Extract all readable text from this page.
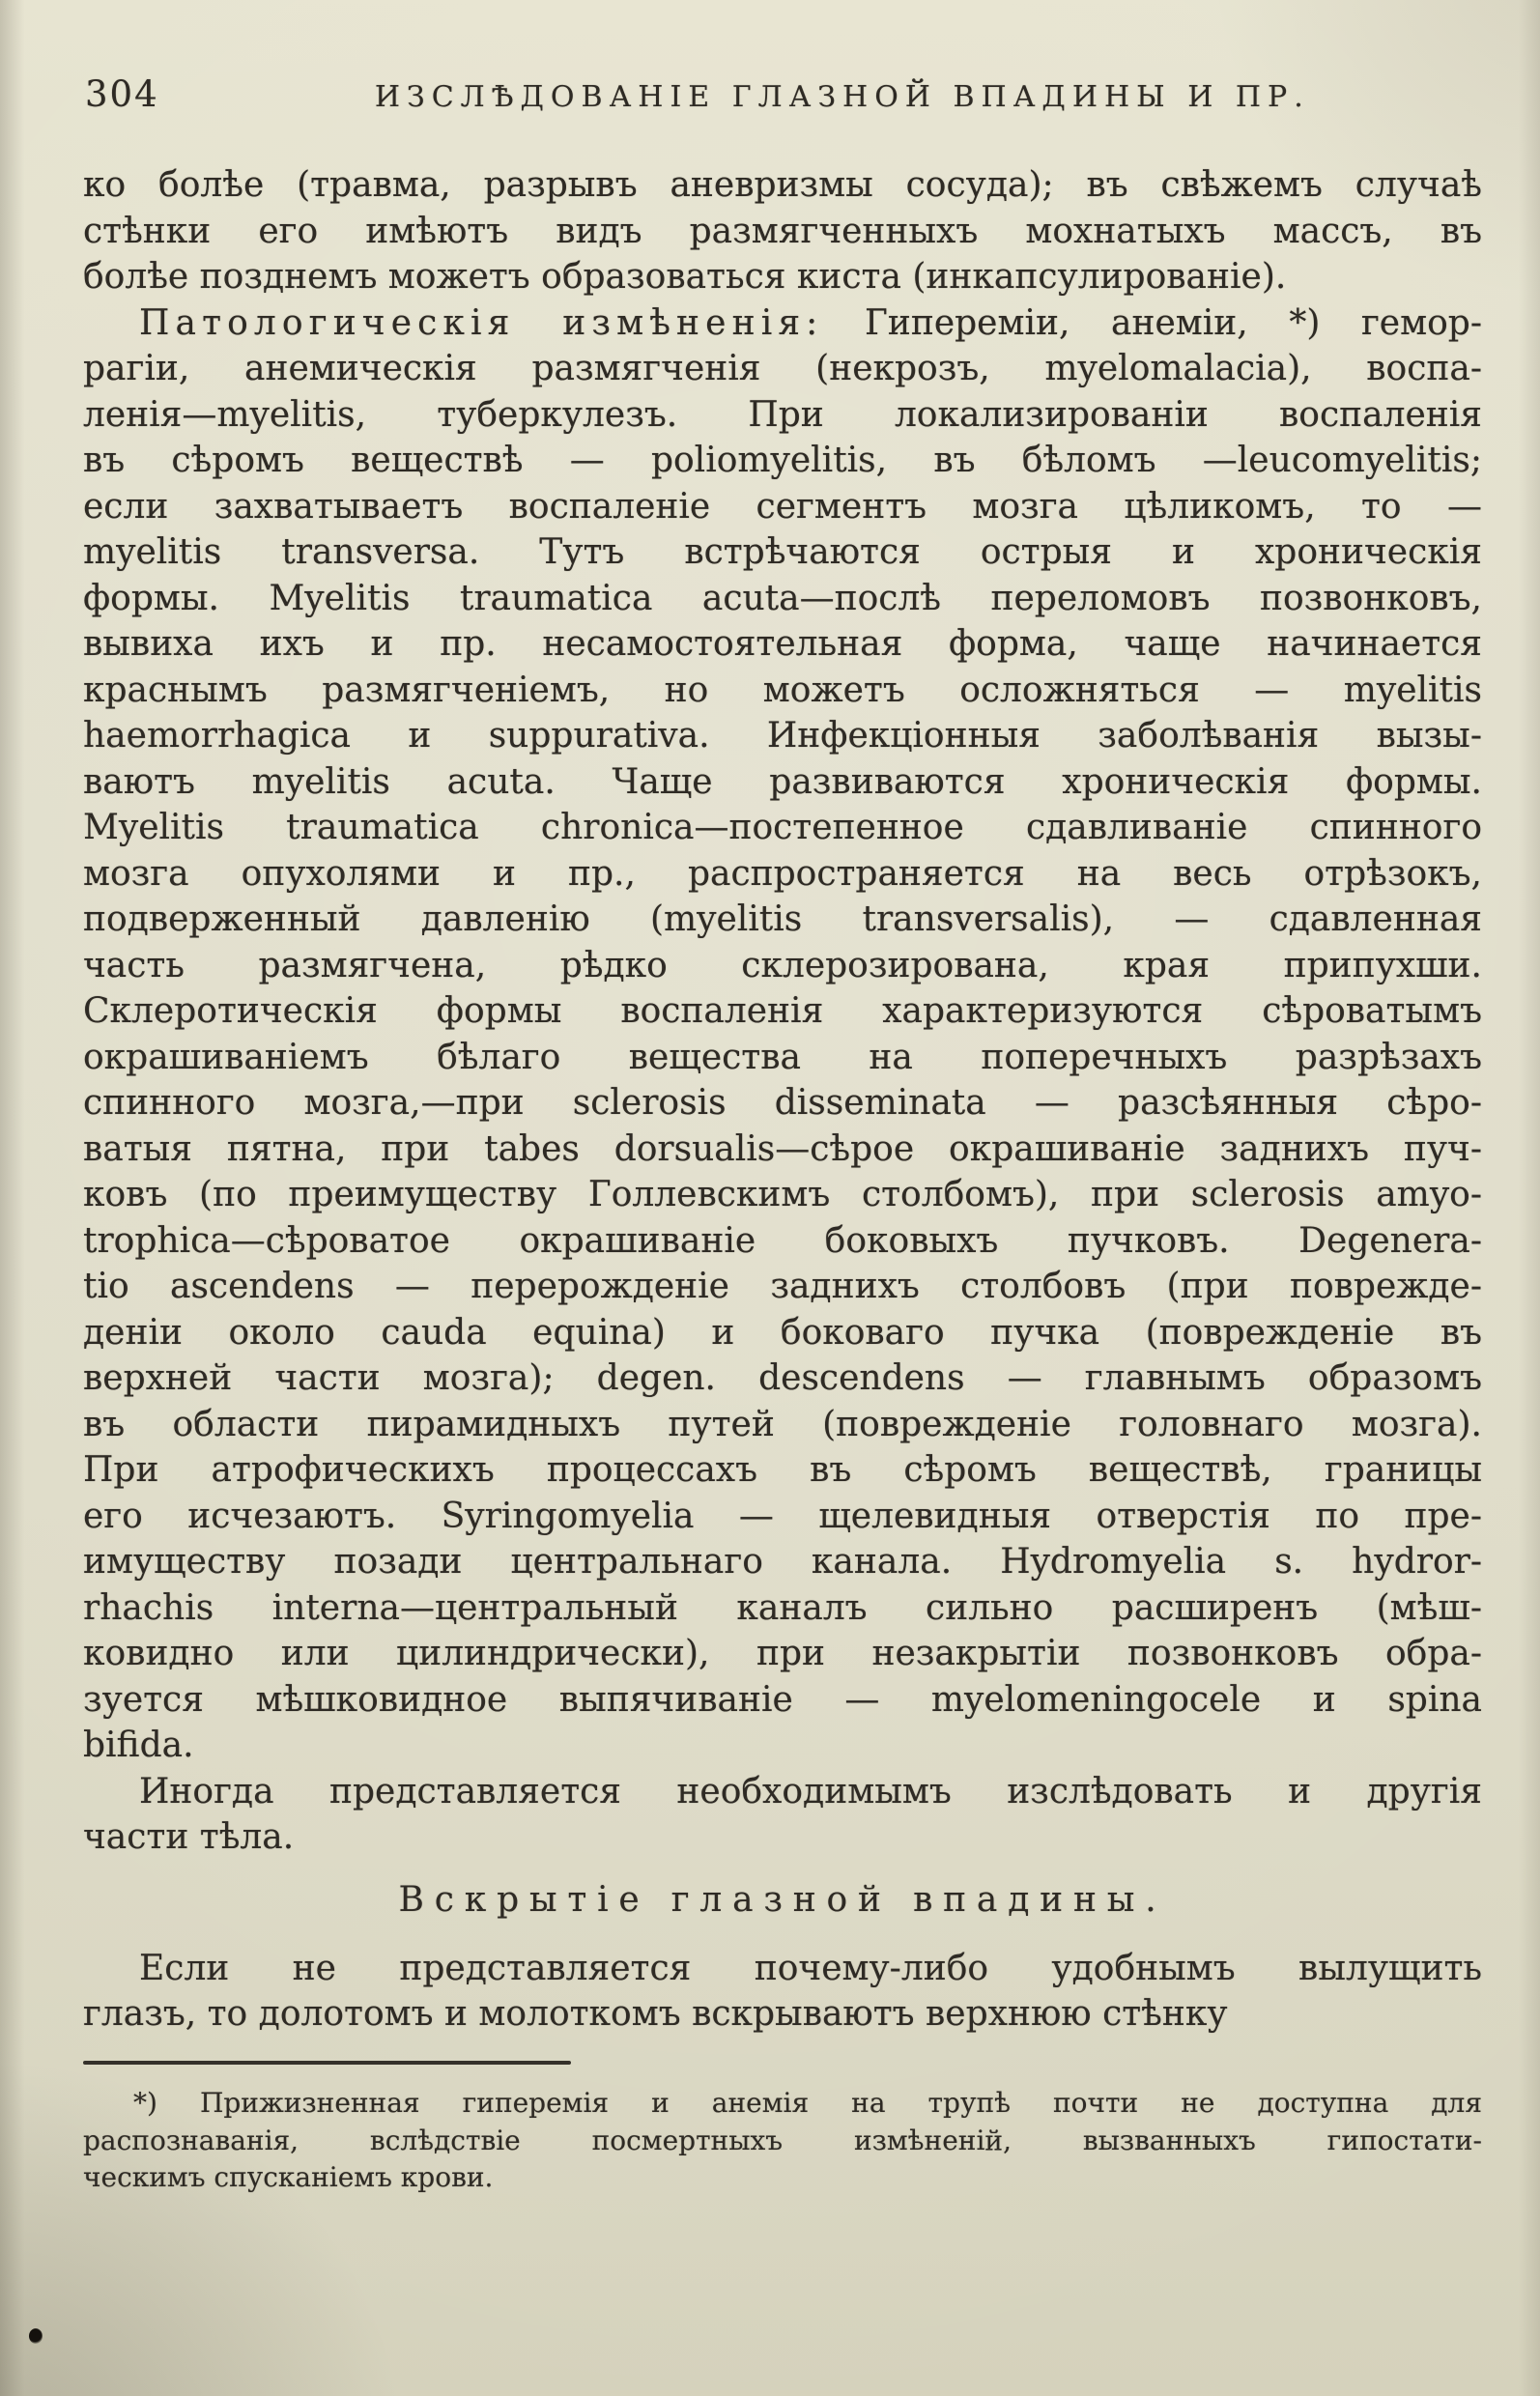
304	ИЗСЛѢДОВАНІЕ ГЛАЗНОЙ ВПАДИНЫ И ПР.
ко болѣе (травма, разрывъ аневризмы сосуда); въ свѣжемъ случаѣ
стѣнки его имѣютъ видъ размягченныхъ мохнатыхъ массъ, въ
болѣе позднемъ можетъ образоваться киста (инкапсулированіе).
Патологическія измѣненія: Гипереміи, анеміи, *) гемор-
рагіи, анемическія размягченія (некрозъ, myelomalacia), воспа-
ленія—myelitis, туберкулезъ. При локализированіи воспаленія
въ сѣромъ веществѣ — poliomyelitis, въ бѣломъ —leucomyelitis;
если захватываетъ воспаленіе сегментъ мозга цѣликомъ, то —
myelitis transversa. Тутъ встрѣчаются острыя и хроническія
формы. Myelitis traumatica acuta—послѣ переломовъ позвонковъ,
вывиха ихъ и пр. несамостоятельная форма, чаще начинается
краснымъ размягченіемъ, но можетъ осложняться — myelitis
haemorrhagica и suppurativa. Инфекціонныя заболѣванія вызы-
ваютъ myelitis acuta. Чаще развиваются хроническія формы.
Myelitis traumatica chronica—постепенное сдавливаніе спинного
мозга опухолями и пр., распространяется на весь отрѣзокъ,
подверженный давленію (myelitis transversalis), — сдавленная
часть размягчена, рѣдко склерозирована, края припухши.
Склеротическія формы воспаленія характеризуются сѣроватымъ
окрашиваніемъ бѣлаго вещества на поперечныхъ разрѣзахъ
спинного мозга,—при sclerosis disseminata — разсѣянныя сѣро-
ватыя пятна, при tabes dorsualis—сѣрое окрашиваніе заднихъ пуч-
ковъ (по преимуществу Голлевскимъ столбомъ), при sclerosis amyo-
trophica—сѣроватое окрашиваніе боковыхъ пучковъ. Degenera-
tio ascendens — перерожденіе заднихъ столбовъ (при поврежде-
деніи около cauda equina) и боковаго пучка (поврежденіе въ
верхней части мозга); degen. descendens — главнымъ образомъ
въ области пирамидныхъ путей (поврежденіе головнаго мозга).
При атрофическихъ процессахъ въ сѣромъ веществѣ, границы
его исчезаютъ. Syringomyelia — щелевидныя отверстія по пре-
имуществу позади центральнаго канала. Hydromyelia s. hydror-
rhachis interna—центральный каналъ сильно расширенъ (мѣш-
ковидно или цилиндрически), при незакрытіи позвонковъ обра-
зуется мѣшковидное выпячиваніе — myelomeningocele и spina
bifida.
Иногда представляется необходимымъ изслѣдовать и другія
части тѣла.
Вскрытіе глазной впадины.
Если не представляется почему-либо удобнымъ вылущить
глазъ, то долотомъ и молоткомъ вскрываютъ верхнюю стѣнку
*) Прижизненная гиперемія и анемія на трупѣ почти не доступна для
распознаванія, вслѣдствіе посмертныхъ измѣненій, вызванныхъ гипостати-
ческимъ спусканіемъ крови.
